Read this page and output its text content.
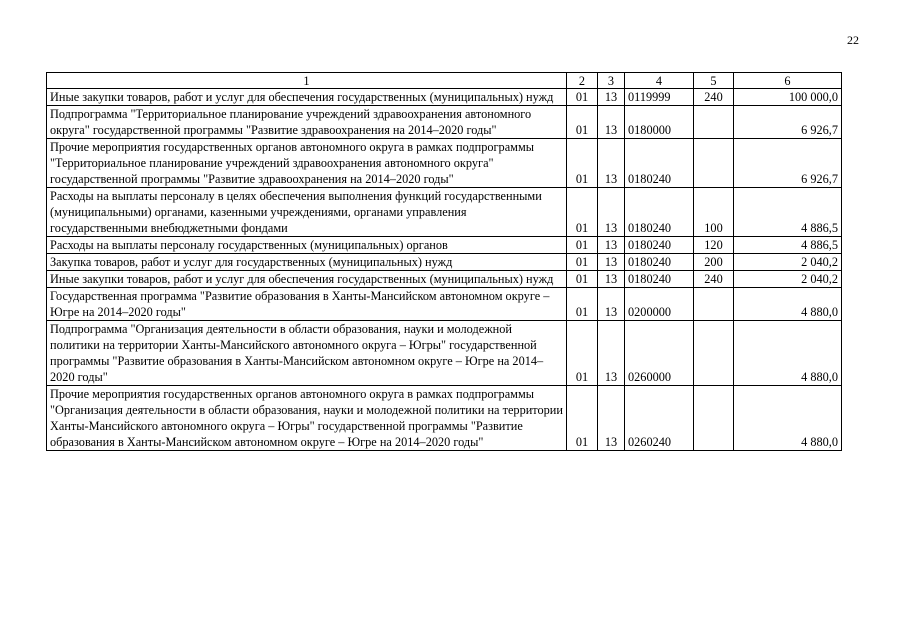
22
1	2	3	4	5	6
Иные закупки товаров, работ и услуг для обеспечения государственных (муниципальных) нужд	01	13	0119999	240	100 000,0
Подпрограмма "Территориальное планирование учреждений здравоохранения автономного округа" государственной программы "Развитие здравоохранения на 2014–2020 годы"	01	13	0180000		6 926,7
Прочие мероприятия государственных органов автономного округа в рамках подпрограммы "Территориальное планирование учреждений здравоохранения автономного округа" государственной программы "Развитие здравоохранения на 2014–2020 годы"	01	13	0180240		6 926,7
Расходы на выплаты персоналу в целях обеспечения выполнения функций государственными (муниципальными) органами, казенными учреждениями, органами управления государственными внебюджетными фондами	01	13	0180240	100	4 886,5
Расходы на выплаты персоналу государственных (муниципальных) органов	01	13	0180240	120	4 886,5
Закупка товаров, работ и услуг для государственных (муниципальных) нужд	01	13	0180240	200	2 040,2
Иные закупки товаров, работ и услуг для обеспечения государственных (муниципальных) нужд	01	13	0180240	240	2 040,2
Государственная программа "Развитие образования в Ханты-Мансийском автономном округе – Югре на 2014–2020 годы"	01	13	0200000		4 880,0
Подпрограмма "Организация деятельности в области образования, науки и молодежной политики на территории Ханты-Мансийского автономного округа – Югры" государственной программы "Развитие образования в Ханты-Мансийском автономном округе – Югре на 2014–2020 годы"	01	13	0260000		4 880,0
Прочие мероприятия государственных органов автономного округа в рамках подпрограммы "Организация деятельности в области образования, науки и молодежной политики на территории Ханты-Мансийского автономного округа – Югры" государственной программы "Развитие образования в Ханты-Мансийском автономном округе – Югре на 2014–2020 годы"	01	13	0260240		4 880,0
